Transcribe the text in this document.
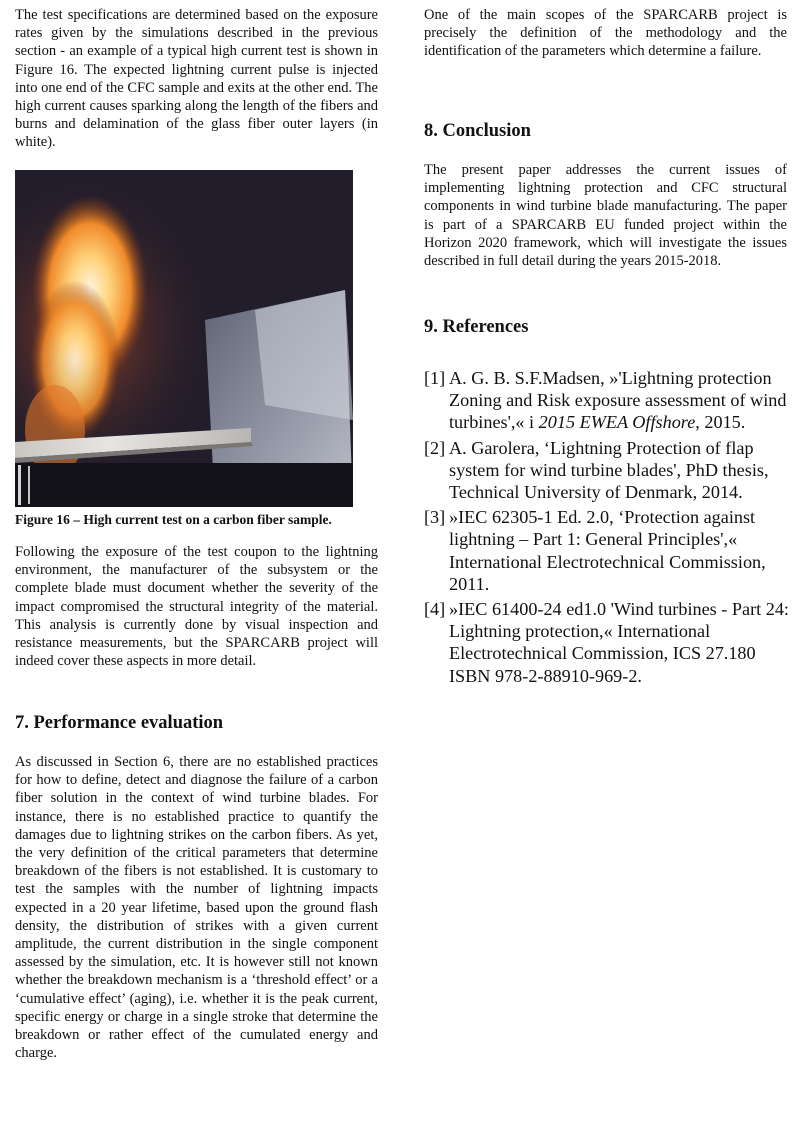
The test specifications are determined based on the exposure rates given by the simulations described in the previous section - an example of a typical high current test is shown in Figure 16. The expected lightning current pulse is injected into one end of the CFC sample and exits at the other end. The high current causes sparking along the length of the fibers and burns and delamination of the glass fiber outer layers (in white).

Figure 16 – High current test on a carbon fiber sample.

Following the exposure of the test coupon to the lightning environment, the manufacturer of the subsystem or the complete blade must document whether the severity of the impact compromised the structural integrity of the material. This analysis is currently done by visual inspection and resistance measurements, but the SPARCARB project will indeed cover these aspects in more detail.

7. Performance evaluation

As discussed in Section 6, there are no established practices for how to define, detect and diagnose the failure of a carbon fiber solution in the context of wind turbine blades. For instance, there is no established practice to quantify the damages due to lightning strikes on the carbon fibers. As yet, the very definition of the critical parameters that determine breakdown of the fibers is not established. It is customary to test the samples with the number of lightning impacts expected in a 20 year lifetime, based upon the ground flash density, the distribution of strikes with a given current amplitude, the current distribution in the single component assessed by the simulation, etc. It is however still not known whether the breakdown mechanism is a ‘threshold effect’ or a ‘cumulative effect’ (aging), i.e. whether it is the peak current, specific energy or charge in a single stroke that determine the breakdown or rather effect of the cumulated energy and charge.

One of the main scopes of the SPARCARB project is precisely the definition of the methodology and the identification of the parameters which determine a failure.

8. Conclusion

The present paper addresses the current issues of implementing lightning protection and CFC structural components in wind turbine blade manufacturing. The paper is part of a SPARCARB EU funded project within the Horizon 2020 framework, which will investigate the issues described in full detail during the years 2015-2018.

9. References
[1] A. G. B. S.F.Madsen, »'Lightning protection Zoning and Risk exposure assessment of wind turbines',« i 2015 EWEA Offshore, 2015.
[2] A. Garolera, ‘Lightning Protection of flap system for wind turbine blades', PhD thesis, Technical University of Denmark, 2014.
[3] »IEC 62305-1 Ed. 2.0, ‘Protection against lightning – Part 1: General Principles',« International Electrotechnical Commission, 2011.
[4] »IEC 61400-24 ed1.0 'Wind turbines - Part 24: Lightning protection,« International Electrotechnical Commission, ICS 27.180 ISBN 978-2-88910-969-2.
